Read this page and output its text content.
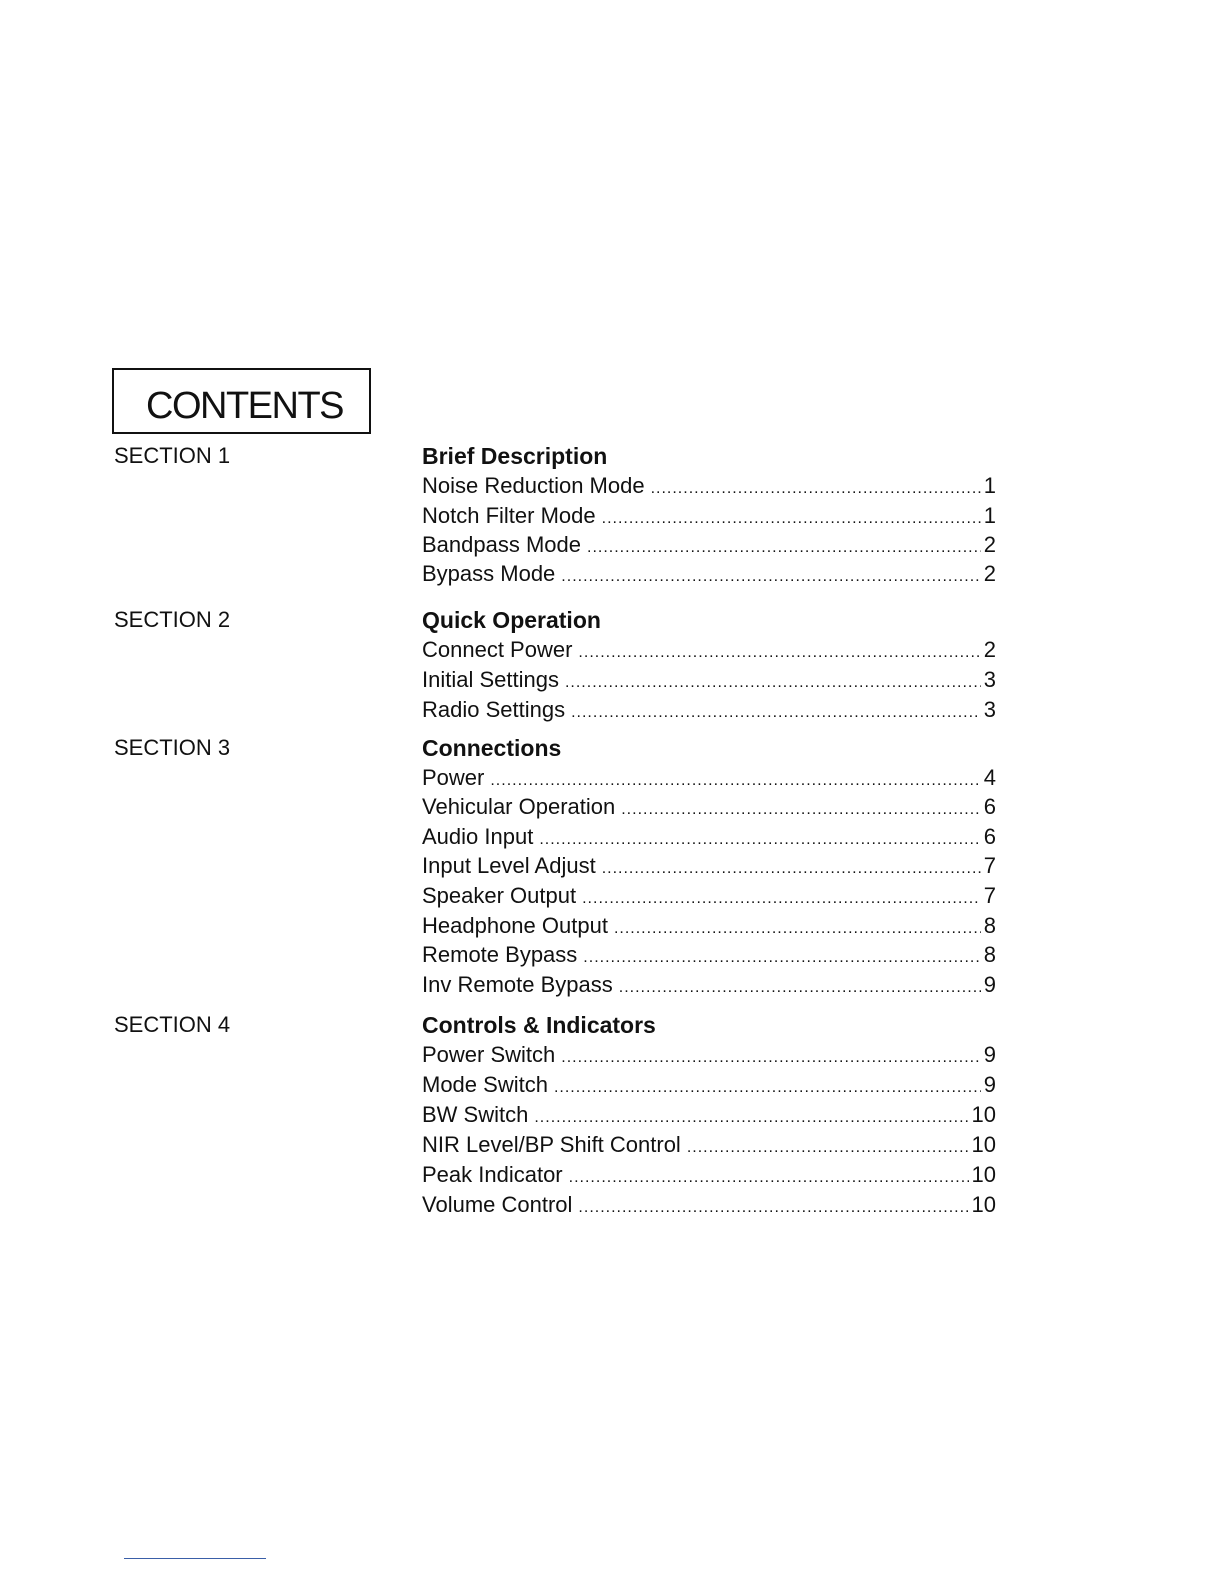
CONTENTS
SECTION 1	Brief Description
Noise Reduction Mode .....	1
Notch Filter Mode .....	1
Bandpass Mode .....	2
Bypass Mode .....	2
SECTION 2	Quick Operation
Connect Power .....	2
Initial Settings .....	3
Radio Settings .....	3
SECTION 3	Connections
Power .....	4
Vehicular Operation .....	6
Audio Input .....	6
Input Level Adjust .....	7
Speaker Output .....	7
Headphone Output .....	8
Remote Bypass .....	8
Inv Remote Bypass .....	9
SECTION 4	Controls & Indicators
Power Switch .....	9
Mode Switch .....	9
BW Switch .....	10
NIR Level/BP Shift Control .....	10
Peak Indicator .....	10
Volume Control .....	10
